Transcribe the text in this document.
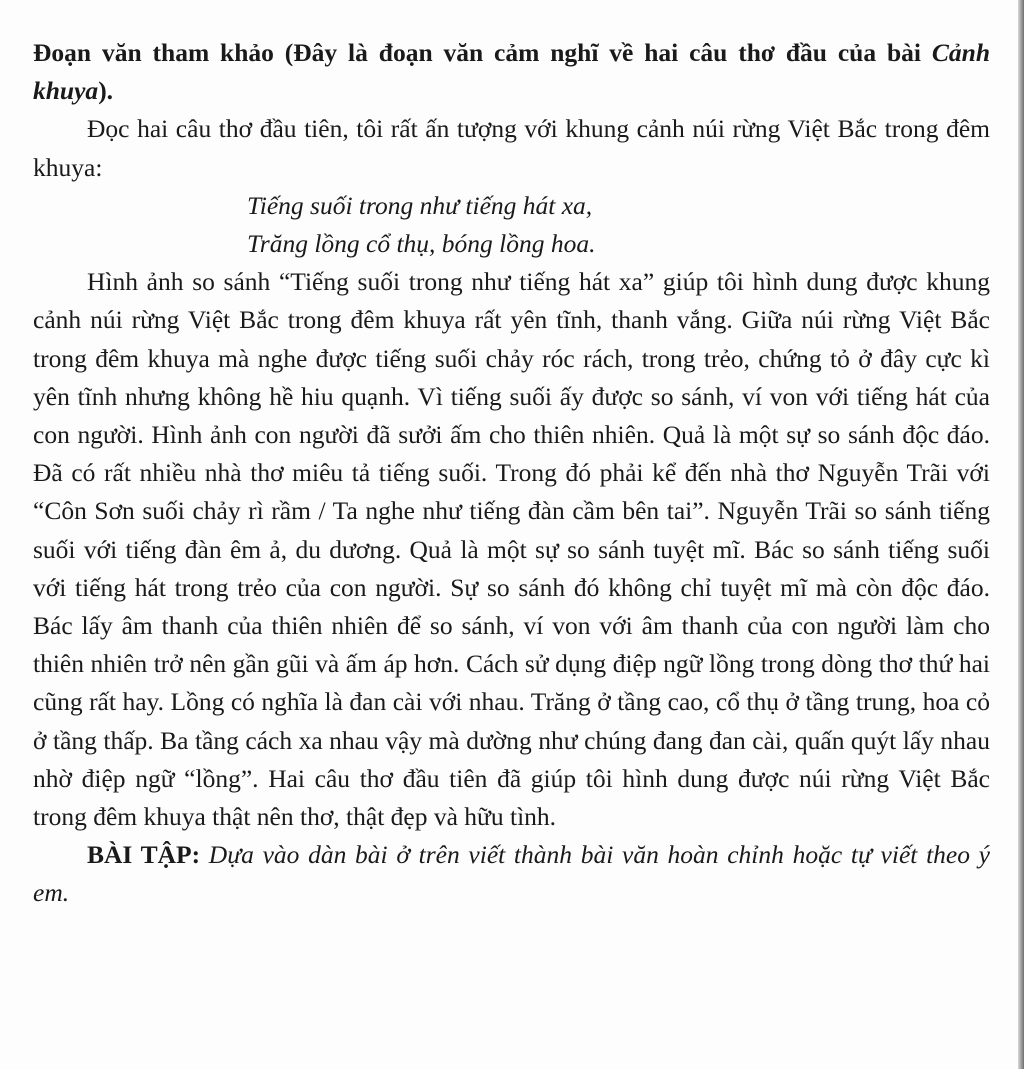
Đoạn văn tham khảo (Đây là đoạn văn cảm nghĩ về hai câu thơ đầu của bài Cảnh khuya).

Đọc hai câu thơ đầu tiên, tôi rất ấn tượng với khung cảnh núi rừng Việt Bắc trong đêm khuya:

Tiếng suối trong như tiếng hát xa,
Trăng lồng cổ thụ, bóng lồng hoa.

Hình ảnh so sánh “Tiếng suối trong như tiếng hát xa” giúp tôi hình dung được khung cảnh núi rừng Việt Bắc trong đêm khuya rất yên tĩnh, thanh vắng. Giữa núi rừng Việt Bắc trong đêm khuya mà nghe được tiếng suối chảy róc rách, trong trẻo, chứng tỏ ở đây cực kì yên tĩnh nhưng không hề hiu quạnh. Vì tiếng suối ấy được so sánh, ví von với tiếng hát của con người. Hình ảnh con người đã sưởi ấm cho thiên nhiên. Quả là một sự so sánh độc đáo. Đã có rất nhiều nhà thơ miêu tả tiếng suối. Trong đó phải kể đến nhà thơ Nguyễn Trãi với “Côn Sơn suối chảy rì rầm / Ta nghe như tiếng đàn cầm bên tai”. Nguyễn Trãi so sánh tiếng suối với tiếng đàn êm ả, du dương. Quả là một sự so sánh tuyệt mĩ. Bác so sánh tiếng suối với tiếng hát trong trẻo của con người. Sự so sánh đó không chỉ tuyệt mĩ mà còn độc đáo. Bác lấy âm thanh của thiên nhiên để so sánh, ví von với âm thanh của con người làm cho thiên nhiên trở nên gần gũi và ấm áp hơn. Cách sử dụng điệp ngữ lồng trong dòng thơ thứ hai cũng rất hay. Lồng có nghĩa là đan cài với nhau. Trăng ở tầng cao, cổ thụ ở tầng trung, hoa cỏ ở tầng thấp. Ba tầng cách xa nhau vậy mà dường như chúng đang đan cài, quấn quýt lấy nhau nhờ điệp ngữ “lồng”. Hai câu thơ đầu tiên đã giúp tôi hình dung được núi rừng Việt Bắc trong đêm khuya thật nên thơ, thật đẹp và hữu tình.

BÀI TẬP: Dựa vào dàn bài ở trên viết thành bài văn hoàn chỉnh hoặc tự viết theo ý em.
